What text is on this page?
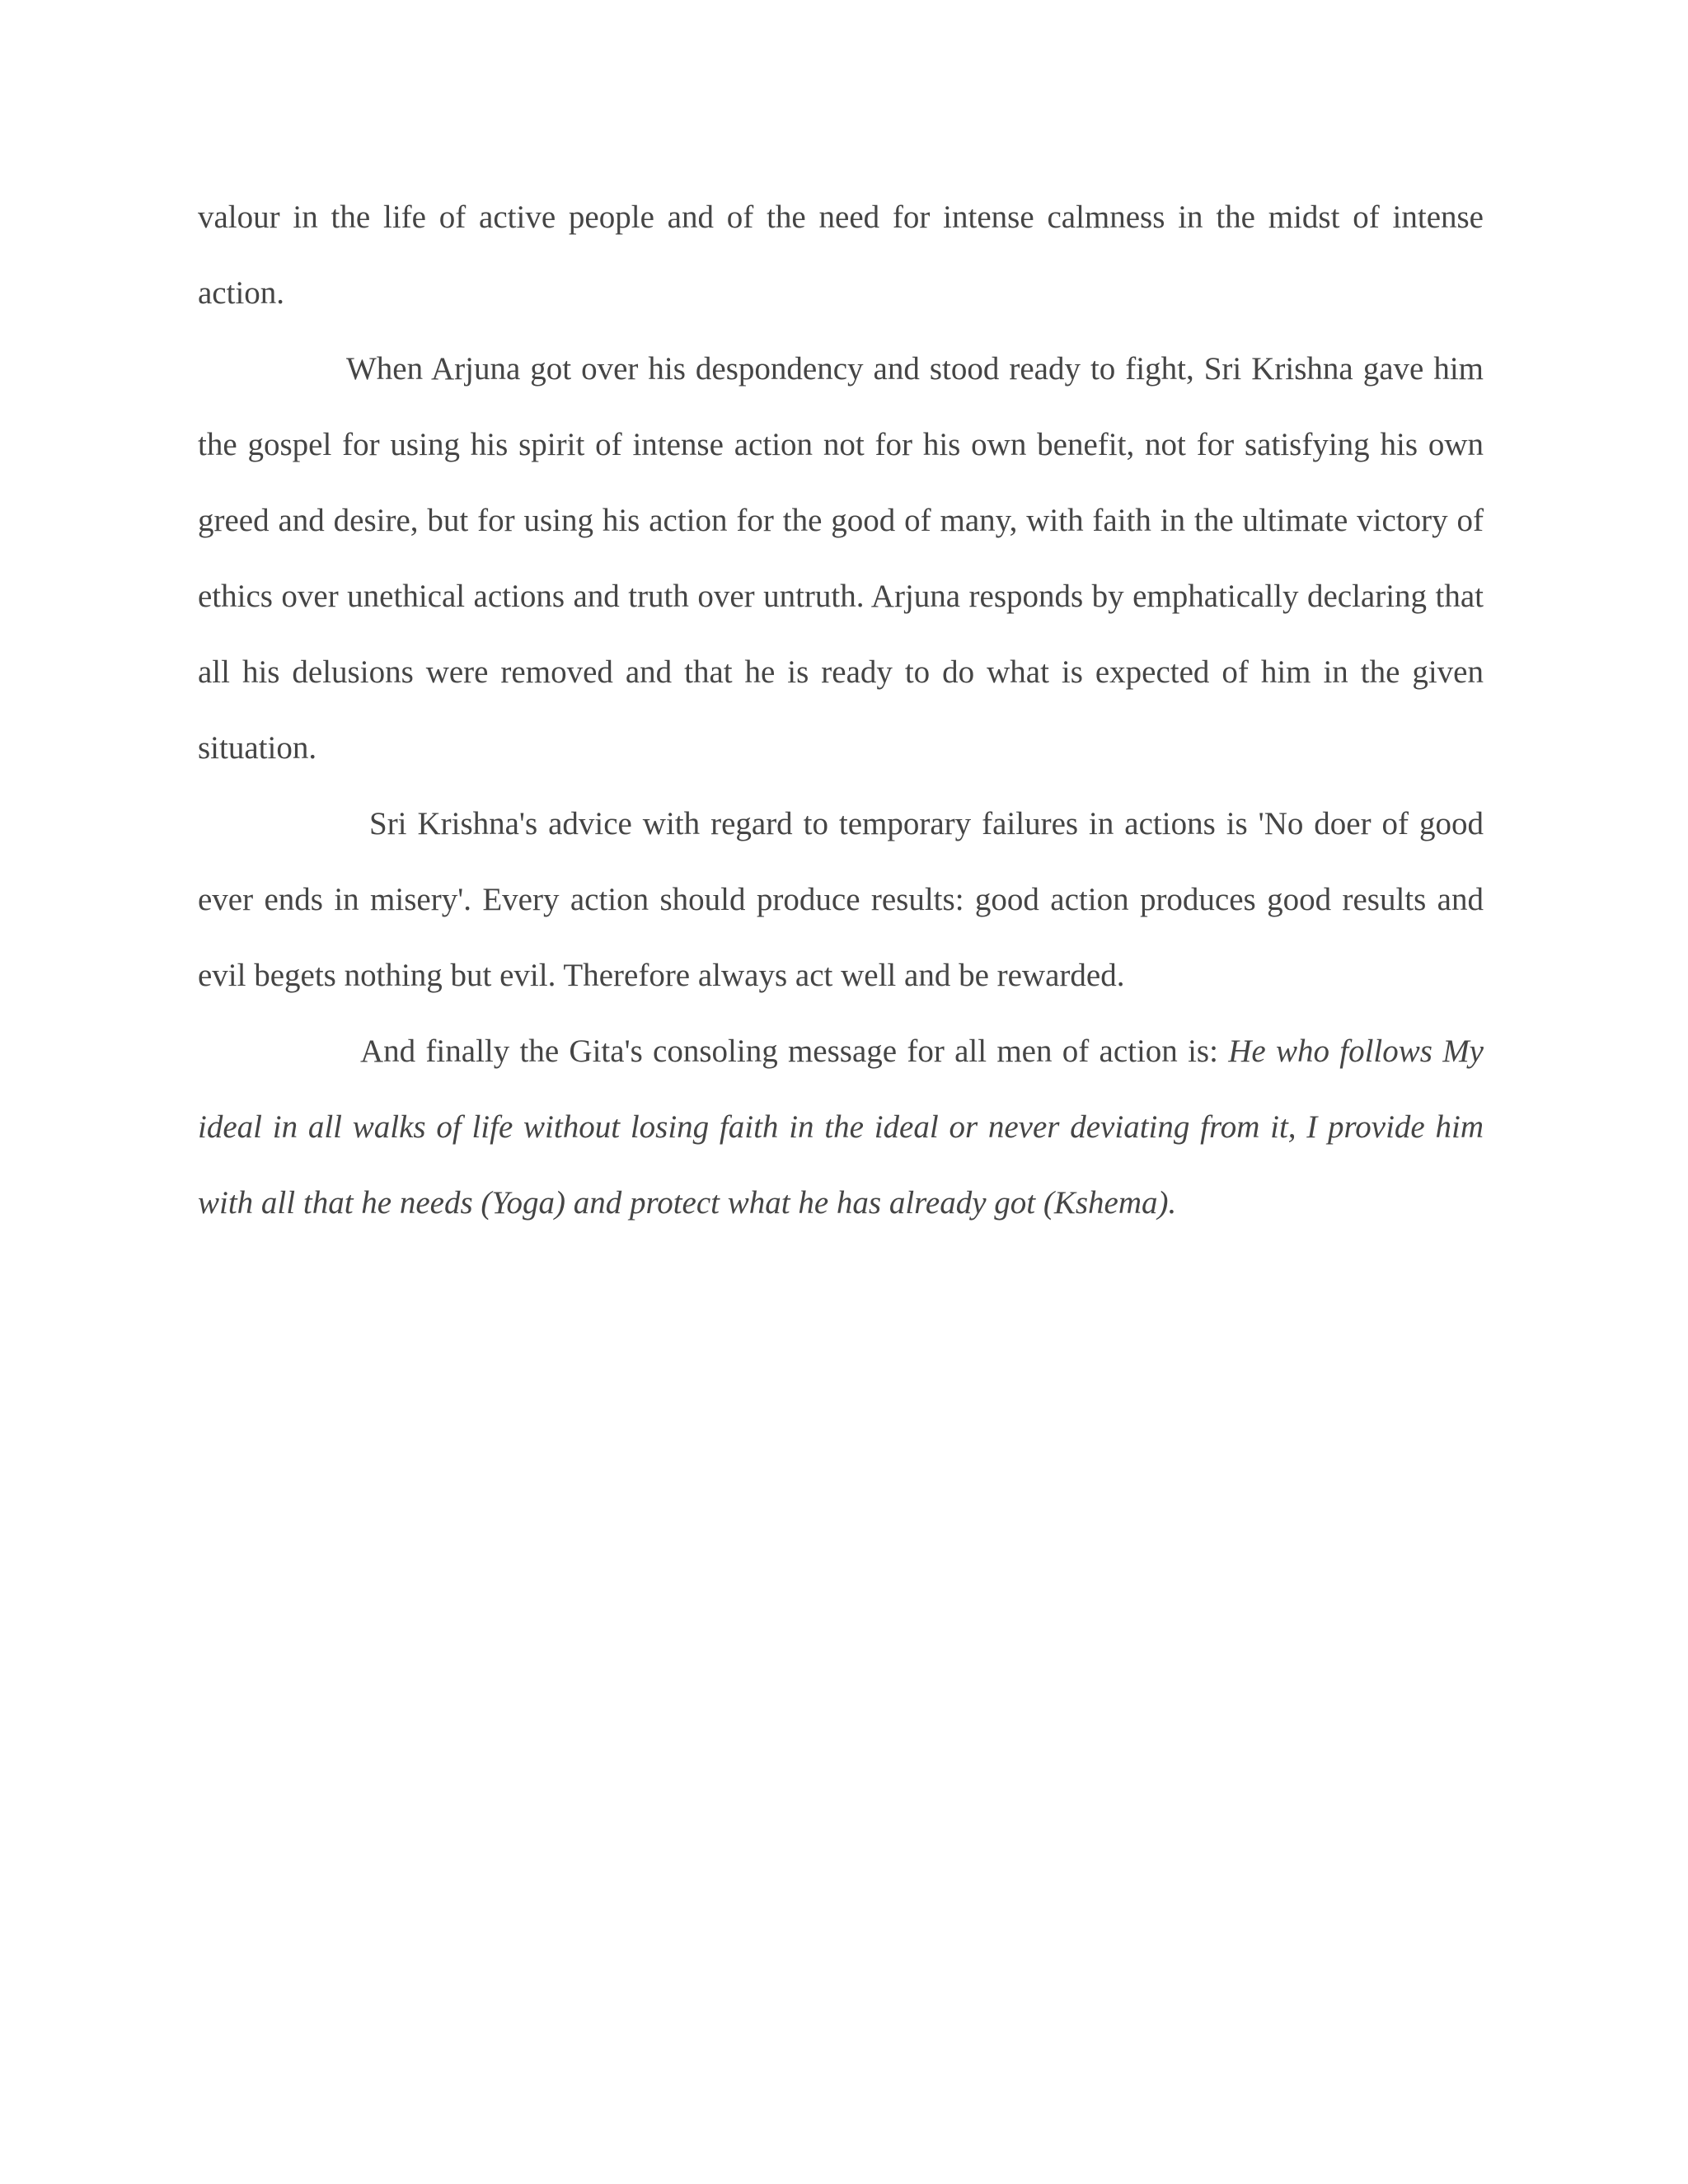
valour in the life of active people and of the need for intense calmness in the midst of intense action.

When Arjuna got over his despondency and stood ready to fight, Sri Krishna gave him the gospel for using his spirit of intense action not for his own benefit, not for satisfying his own greed and desire, but for using his action for the good of many, with faith in the ultimate victory of ethics over unethical actions and truth over untruth. Arjuna responds by emphatically declaring that all his delusions were removed and that he is ready to do what is expected of him in the given situation.

Sri Krishna's advice with regard to temporary failures in actions is 'No doer of good ever ends in misery'. Every action should produce results: good action produces good results and evil begets nothing but evil. Therefore always act well and be rewarded.

And finally the Gita's consoling message for all men of action is: He who follows My ideal in all walks of life without losing faith in the ideal or never deviating from it, I provide him with all that he needs (Yoga) and protect what he has already got (Kshema).
